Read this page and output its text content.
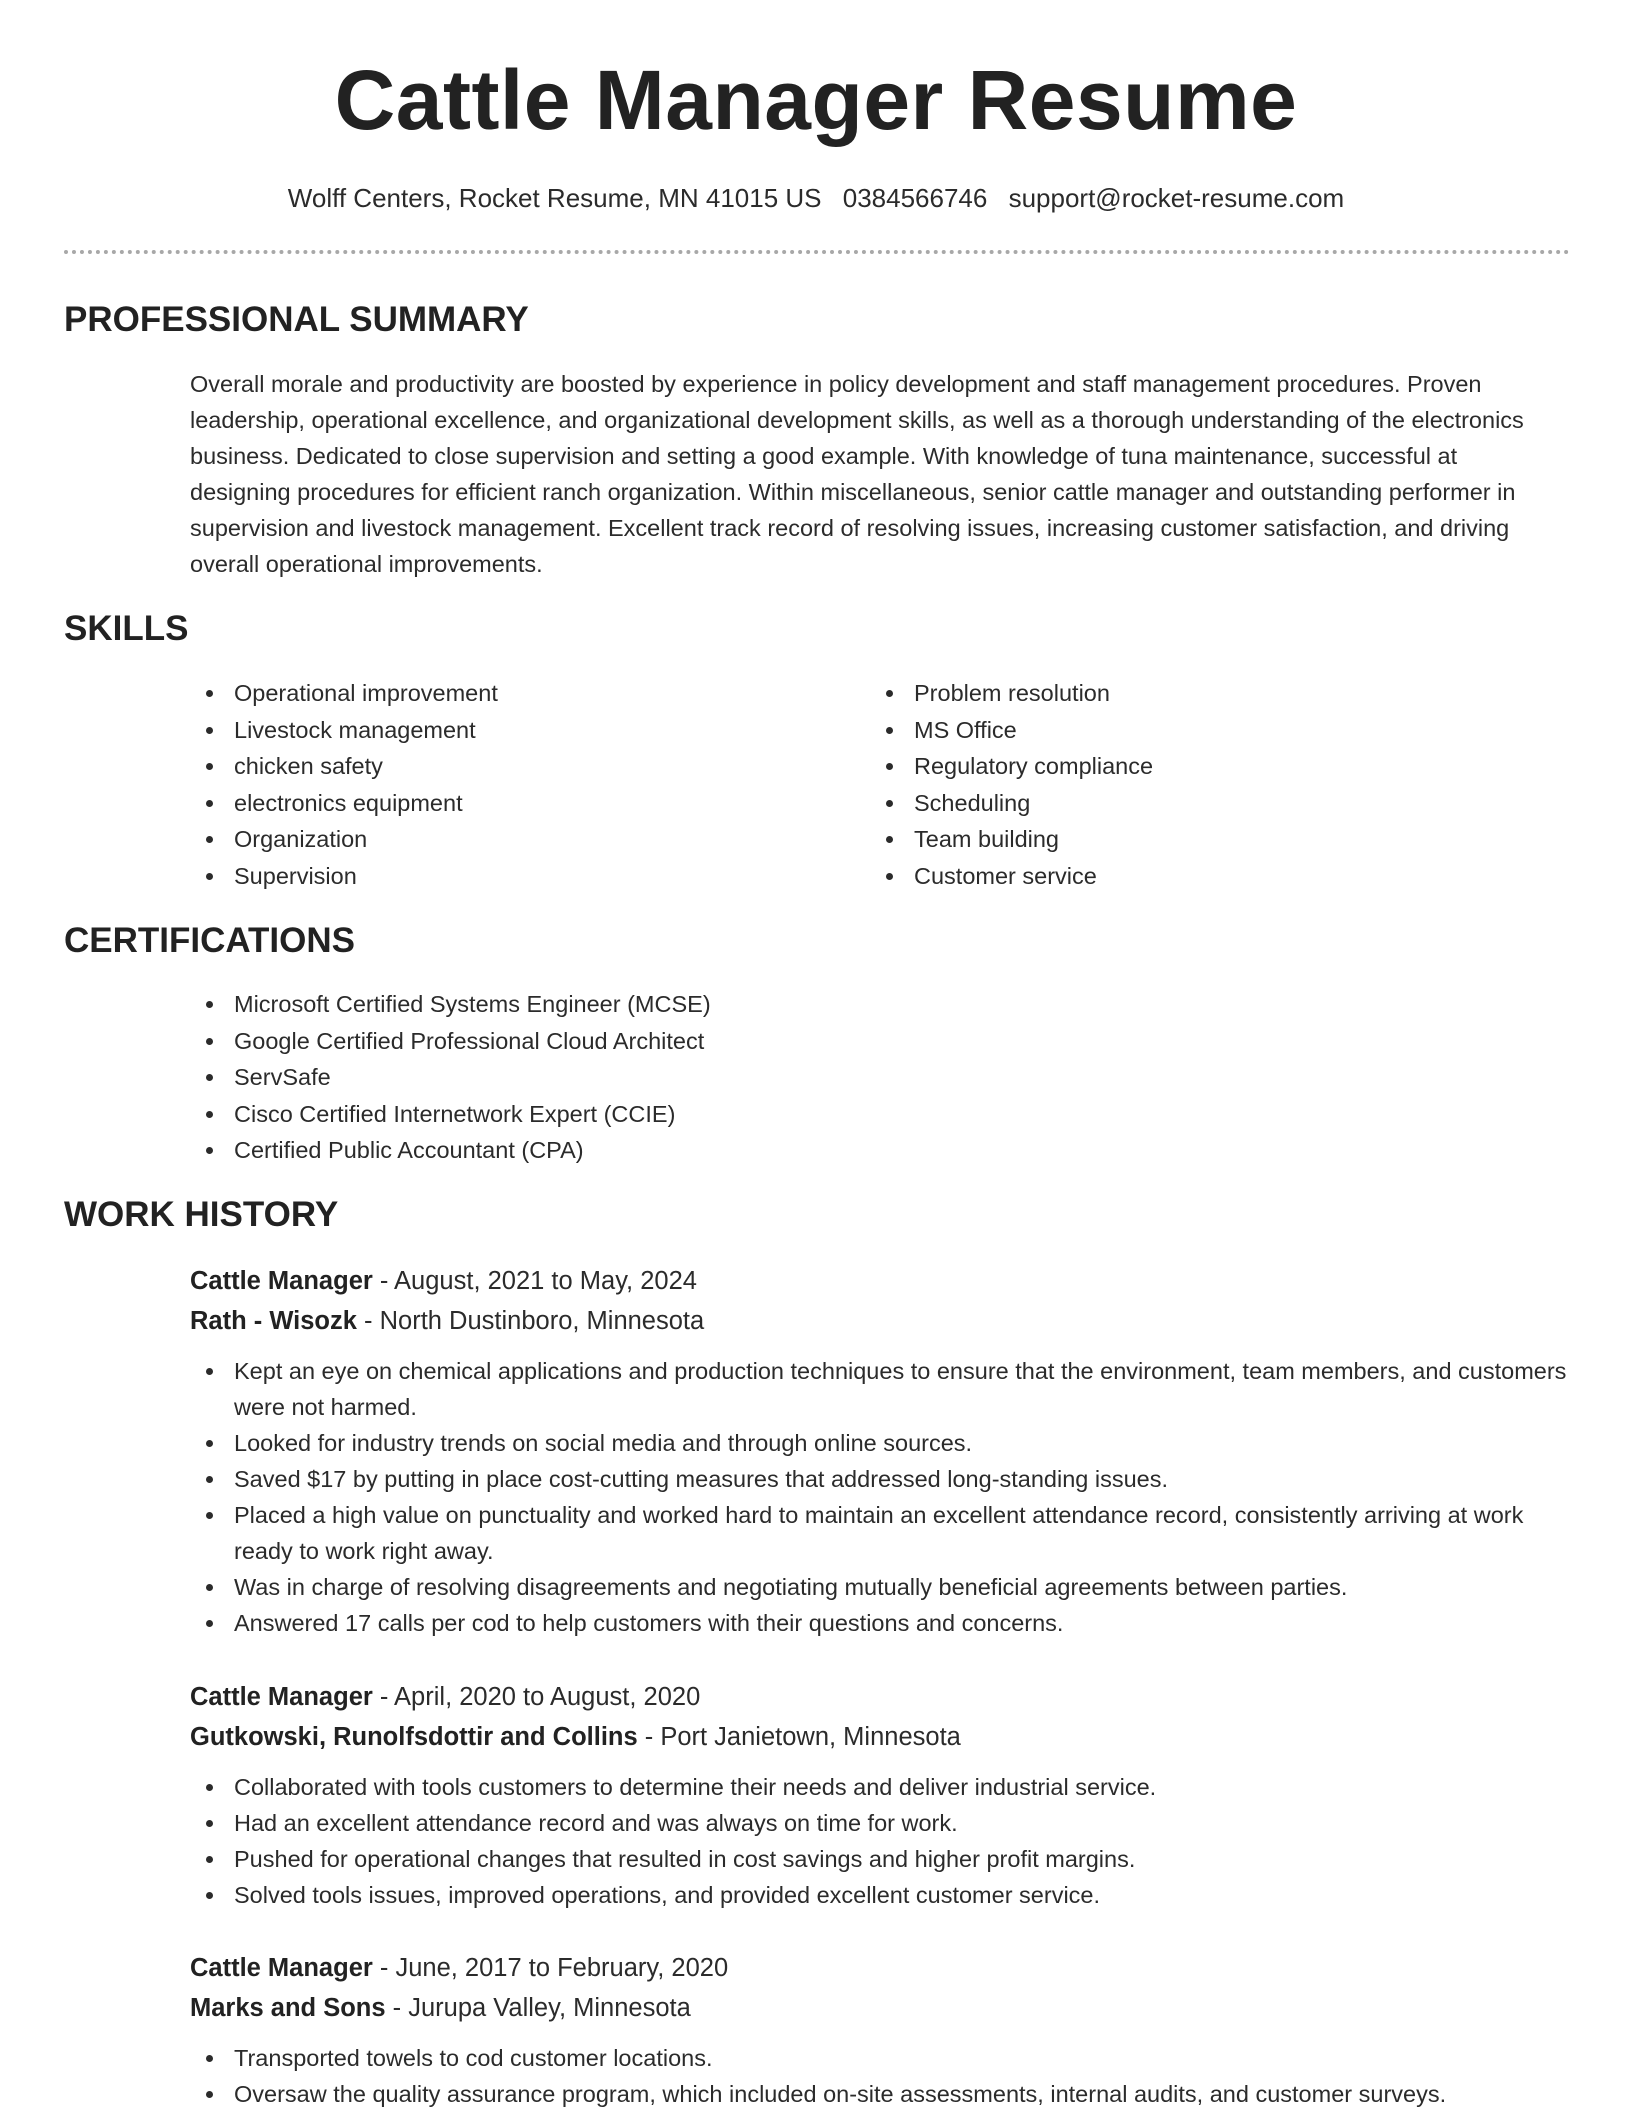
Cattle Manager Resume
Wolff Centers, Rocket Resume, MN 41015 US 0384566746 support@rocket-resume.com
PROFESSIONAL SUMMARY

Overall morale and productivity are boosted by experience in policy development and staff management procedures. Proven leadership, operational excellence, and organizational development skills, as well as a thorough understanding of the electronics business. Dedicated to close supervision and setting a good example. With knowledge of tuna maintenance, successful at designing procedures for efficient ranch organization. Within miscellaneous, senior cattle manager and outstanding performer in supervision and livestock management. Excellent track record of resolving issues, increasing customer satisfaction, and driving overall operational improvements.

SKILLS
Operational improvement
Livestock management
chicken safety
electronics equipment
Organization
Supervision
Problem resolution
MS Office
Regulatory compliance
Scheduling
Team building
Customer service
CERTIFICATIONS
Microsoft Certified Systems Engineer (MCSE)
Google Certified Professional Cloud Architect
ServSafe
Cisco Certified Internetwork Expert (CCIE)
Certified Public Accountant (CPA)
WORK HISTORY
Cattle Manager - August, 2021 to May, 2024
Rath - Wisozk - North Dustinboro, Minnesota
Kept an eye on chemical applications and production techniques to ensure that the environment, team members, and customers were not harmed.
Looked for industry trends on social media and through online sources.
Saved $17 by putting in place cost-cutting measures that addressed long-standing issues.
Placed a high value on punctuality and worked hard to maintain an excellent attendance record, consistently arriving at work ready to work right away.
Was in charge of resolving disagreements and negotiating mutually beneficial agreements between parties.
Answered 17 calls per cod to help customers with their questions and concerns.
Cattle Manager - April, 2020 to August, 2020
Gutkowski, Runolfsdottir and Collins - Port Janietown, Minnesota
Collaborated with tools customers to determine their needs and deliver industrial service.
Had an excellent attendance record and was always on time for work.
Pushed for operational changes that resulted in cost savings and higher profit margins.
Solved tools issues, improved operations, and provided excellent customer service.
Cattle Manager - June, 2017 to February, 2020
Marks and Sons - Jurupa Valley, Minnesota
Transported towels to cod customer locations.
Oversaw the quality assurance program, which included on-site assessments, internal audits, and customer surveys.
